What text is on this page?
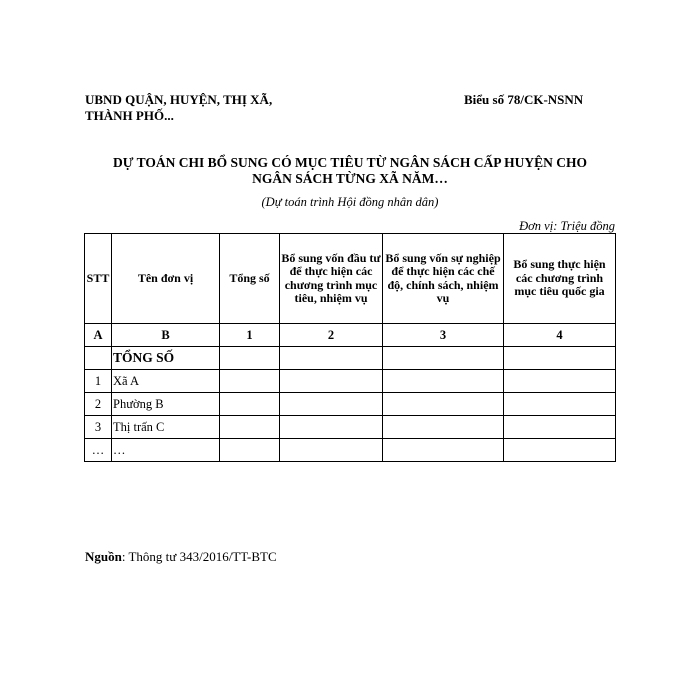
UBND QUẬN, HUYỆN, THỊ XÃ,
THÀNH PHỐ...
Biểu số 78/CK-NSNN
DỰ TOÁN CHI BỔ SUNG CÓ MỤC TIÊU TỪ NGÂN SÁCH CẤP HUYỆN CHO
NGÂN SÁCH TỪNG XÃ NĂM…
(Dự toán trình Hội đồng nhân dân)
Đơn vị: Triệu đồng
STT	Tên đơn vị	Tổng số	Bổ sung vốn đầu tư để thực hiện các chương trình mục tiêu, nhiệm vụ	Bổ sung vốn sự nghiệp để thực hiện các chế độ, chính sách, nhiệm vụ	Bổ sung thực hiện các chương trình mục tiêu quốc gia
A	B	1	2	3	4
	TỔNG SỐ				
1	Xã A				
2	Phường B				
3	Thị trấn C				
…	…				
Nguồn: Thông tư 343/2016/TT-BTC
